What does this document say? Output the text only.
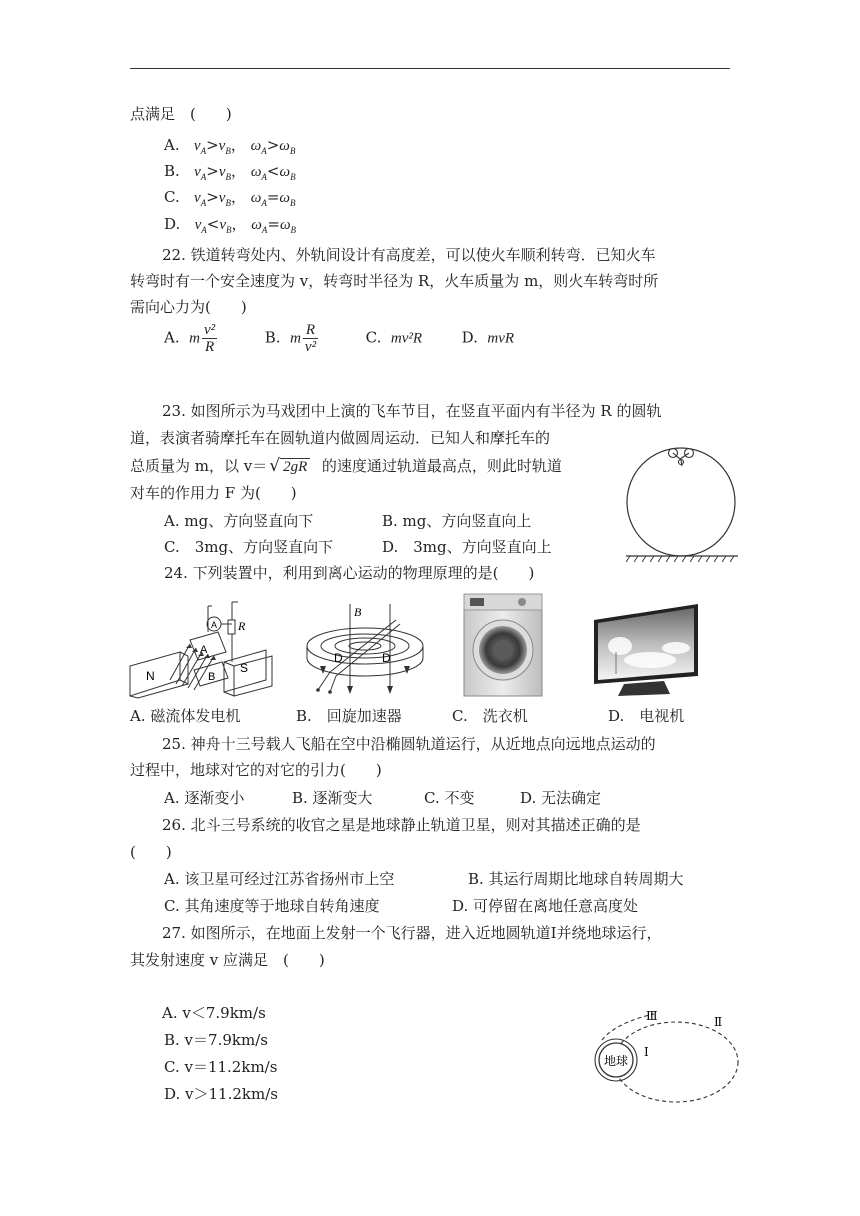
点满足　(　　)
A. $v_A>v_B$， $\omega_A>\omega_B$
B. $v_A>v_B$， $\omega_A<\omega_B$
C. $v_A>v_B$， $\omega_A=\omega_B$
D. $v_A<v_B$， $\omega_A=\omega_B$
22. 铁道转弯处内、外轨间设计有高度差，可以使火车顺利转弯．已知火车
转弯时有一个安全速度为 v，转弯时半径为 R，火车质量为 m，则火车转弯时所
需向心力为(　　)
A. m $\frac{\text{v²}}{R}$	B. m $\frac{R}{\text{v²}}$	C. mv²R	D. mvR
23. 如图所示为马戏团中上演的飞车节目，在竖直平面内有半径为 R 的圆轨
道，表演者骑摩托车在圆轨道内做圆周运动．已知人和摩托车的
总质量为 m，以 v＝ √ 2gR 的速度通过轨道最高点，则此时轨道
对车的作用力 F 为(　　)
A. mg、方向竖直向下	B. mg、方向竖直向上
C.　3mg、方向竖直向下	D.　3mg、方向竖直向上
24. 下列装置中，利用到离心运动的物理原理的是(　　)
N
S
A
B
A R
B
D	D
A. 磁流体发电机	B.　回旋加速器	C.　洗衣机	D.　电视机
25. 神舟十三号载人飞船在空中沿椭圆轨道运行，从近地点向远地点运动的
过程中，地球对它的对它的引力(　　)
A. 逐渐变小	B. 逐渐变大	C. 不变	D. 无法确定
26. 北斗三号系统的收官之星是地球静止轨道卫星，则对其描述正确的是
(　　)
A. 该卫星可经过江苏省扬州市上空	B. 其运行周期比地球自转周期大
C. 其角速度等于地球自转角速度	D. 可停留在离地任意高度处
27. 如图所示，在地面上发射一个飞行器，进入近地圆轨道Ⅰ并绕地球运行，
其发射速度 v 应满足　(　　)
A. v＜7.9km/s
B. v＝7.9km/s
C. v＝11.2km/s
D. v＞11.2km/s
地球
Ⅰ
Ⅱ
Ⅲ
